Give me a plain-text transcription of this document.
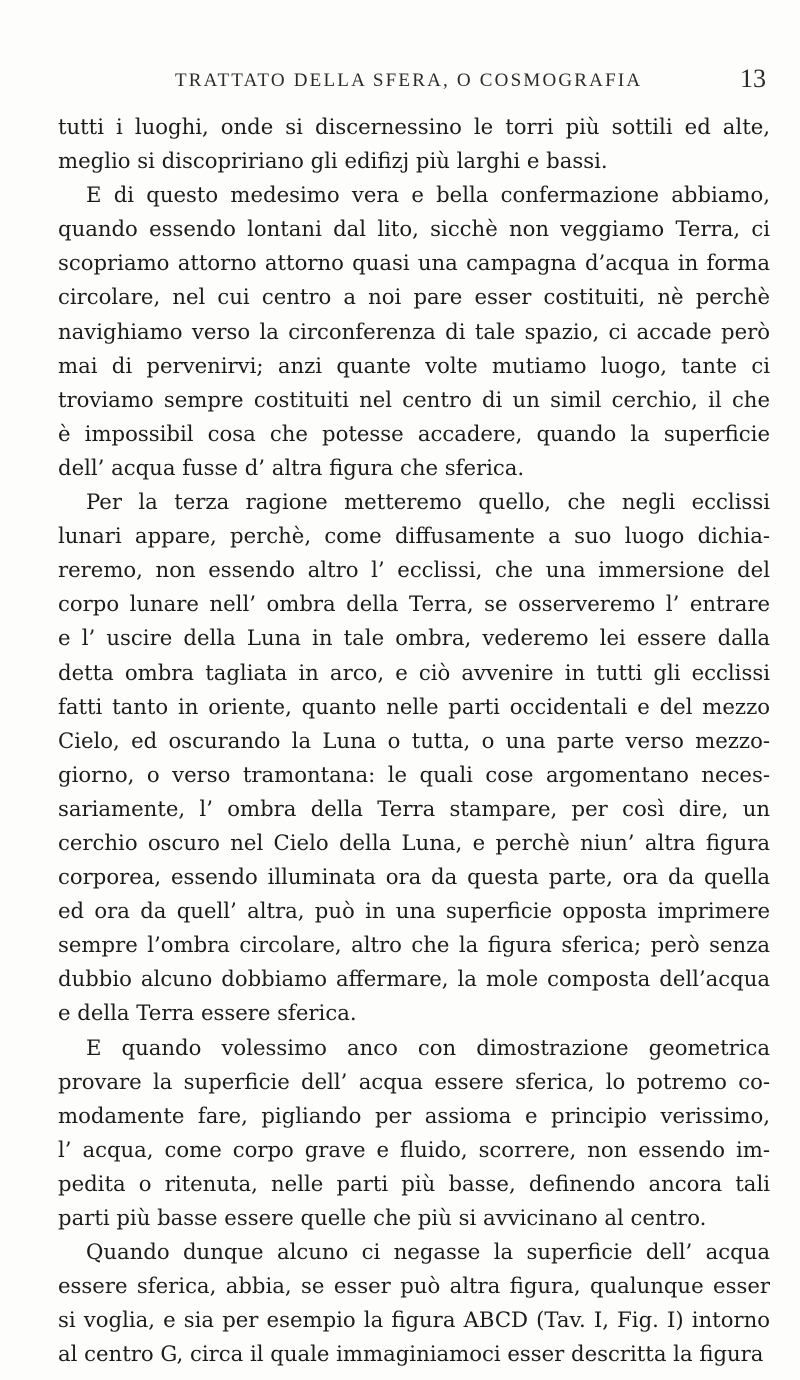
TRATTATO DELLA SFERA, O COSMOGRAFIA	13
tutti i luoghi, onde si discernessino le torri più sottili ed alte,
meglio si discopririano gli edifizj più larghi e bassi.
E di questo medesimo vera e bella confermazione abbiamo,
quando essendo lontani dal lito, sicchè non veggiamo Terra, ci
scopriamo attorno attorno quasi una campagna d’acqua in forma
circolare, nel cui centro a noi pare esser costituiti, nè perchè
navighiamo verso la circonferenza di tale spazio, ci accade però
mai di pervenirvi; anzi quante volte mutiamo luogo, tante ci
troviamo sempre costituiti nel centro di un simil cerchio, il che
è impossibil cosa che potesse accadere, quando la superficie
dell’ acqua fusse d’ altra figura che sferica.
Per la terza ragione metteremo quello, che negli ecclissi
lunari appare, perchè, come diffusamente a suo luogo dichia-
reremo, non essendo altro l’ ecclissi, che una immersione del
corpo lunare nell’ ombra della Terra, se osserveremo l’ entrare
e l’ uscire della Luna in tale ombra, vederemo lei essere dalla
detta ombra tagliata in arco, e ciò avvenire in tutti gli ecclissi
fatti tanto in oriente, quanto nelle parti occidentali e del mezzo
Cielo, ed oscurando la Luna o tutta, o una parte verso mezzo-
giorno, o verso tramontana: le quali cose argomentano neces-
sariamente, l’ ombra della Terra stampare, per così dire, un
cerchio oscuro nel Cielo della Luna, e perchè niun’ altra figura
corporea, essendo illuminata ora da questa parte, ora da quella
ed ora da quell’ altra, può in una superficie opposta imprimere
sempre l’ombra circolare, altro che la figura sferica; però senza
dubbio alcuno dobbiamo affermare, la mole composta dell’acqua
e della Terra essere sferica.
E quando volessimo anco con dimostrazione geometrica
provare la superficie dell’ acqua essere sferica, lo potremo co-
modamente fare, pigliando per assioma e principio verissimo,
l’ acqua, come corpo grave e fluido, scorrere, non essendo im-
pedita o ritenuta, nelle parti più basse, definendo ancora tali
parti più basse essere quelle che più si avvicinano al centro.
Quando dunque alcuno ci negasse la superficie dell’ acqua
essere sferica, abbia, se esser può altra figura, qualunque esser
si voglia, e sia per esempio la figura ABCD (Tav. I, Fig. I) intorno
al centro G, circa il quale immaginiamoci esser descritta la figura
